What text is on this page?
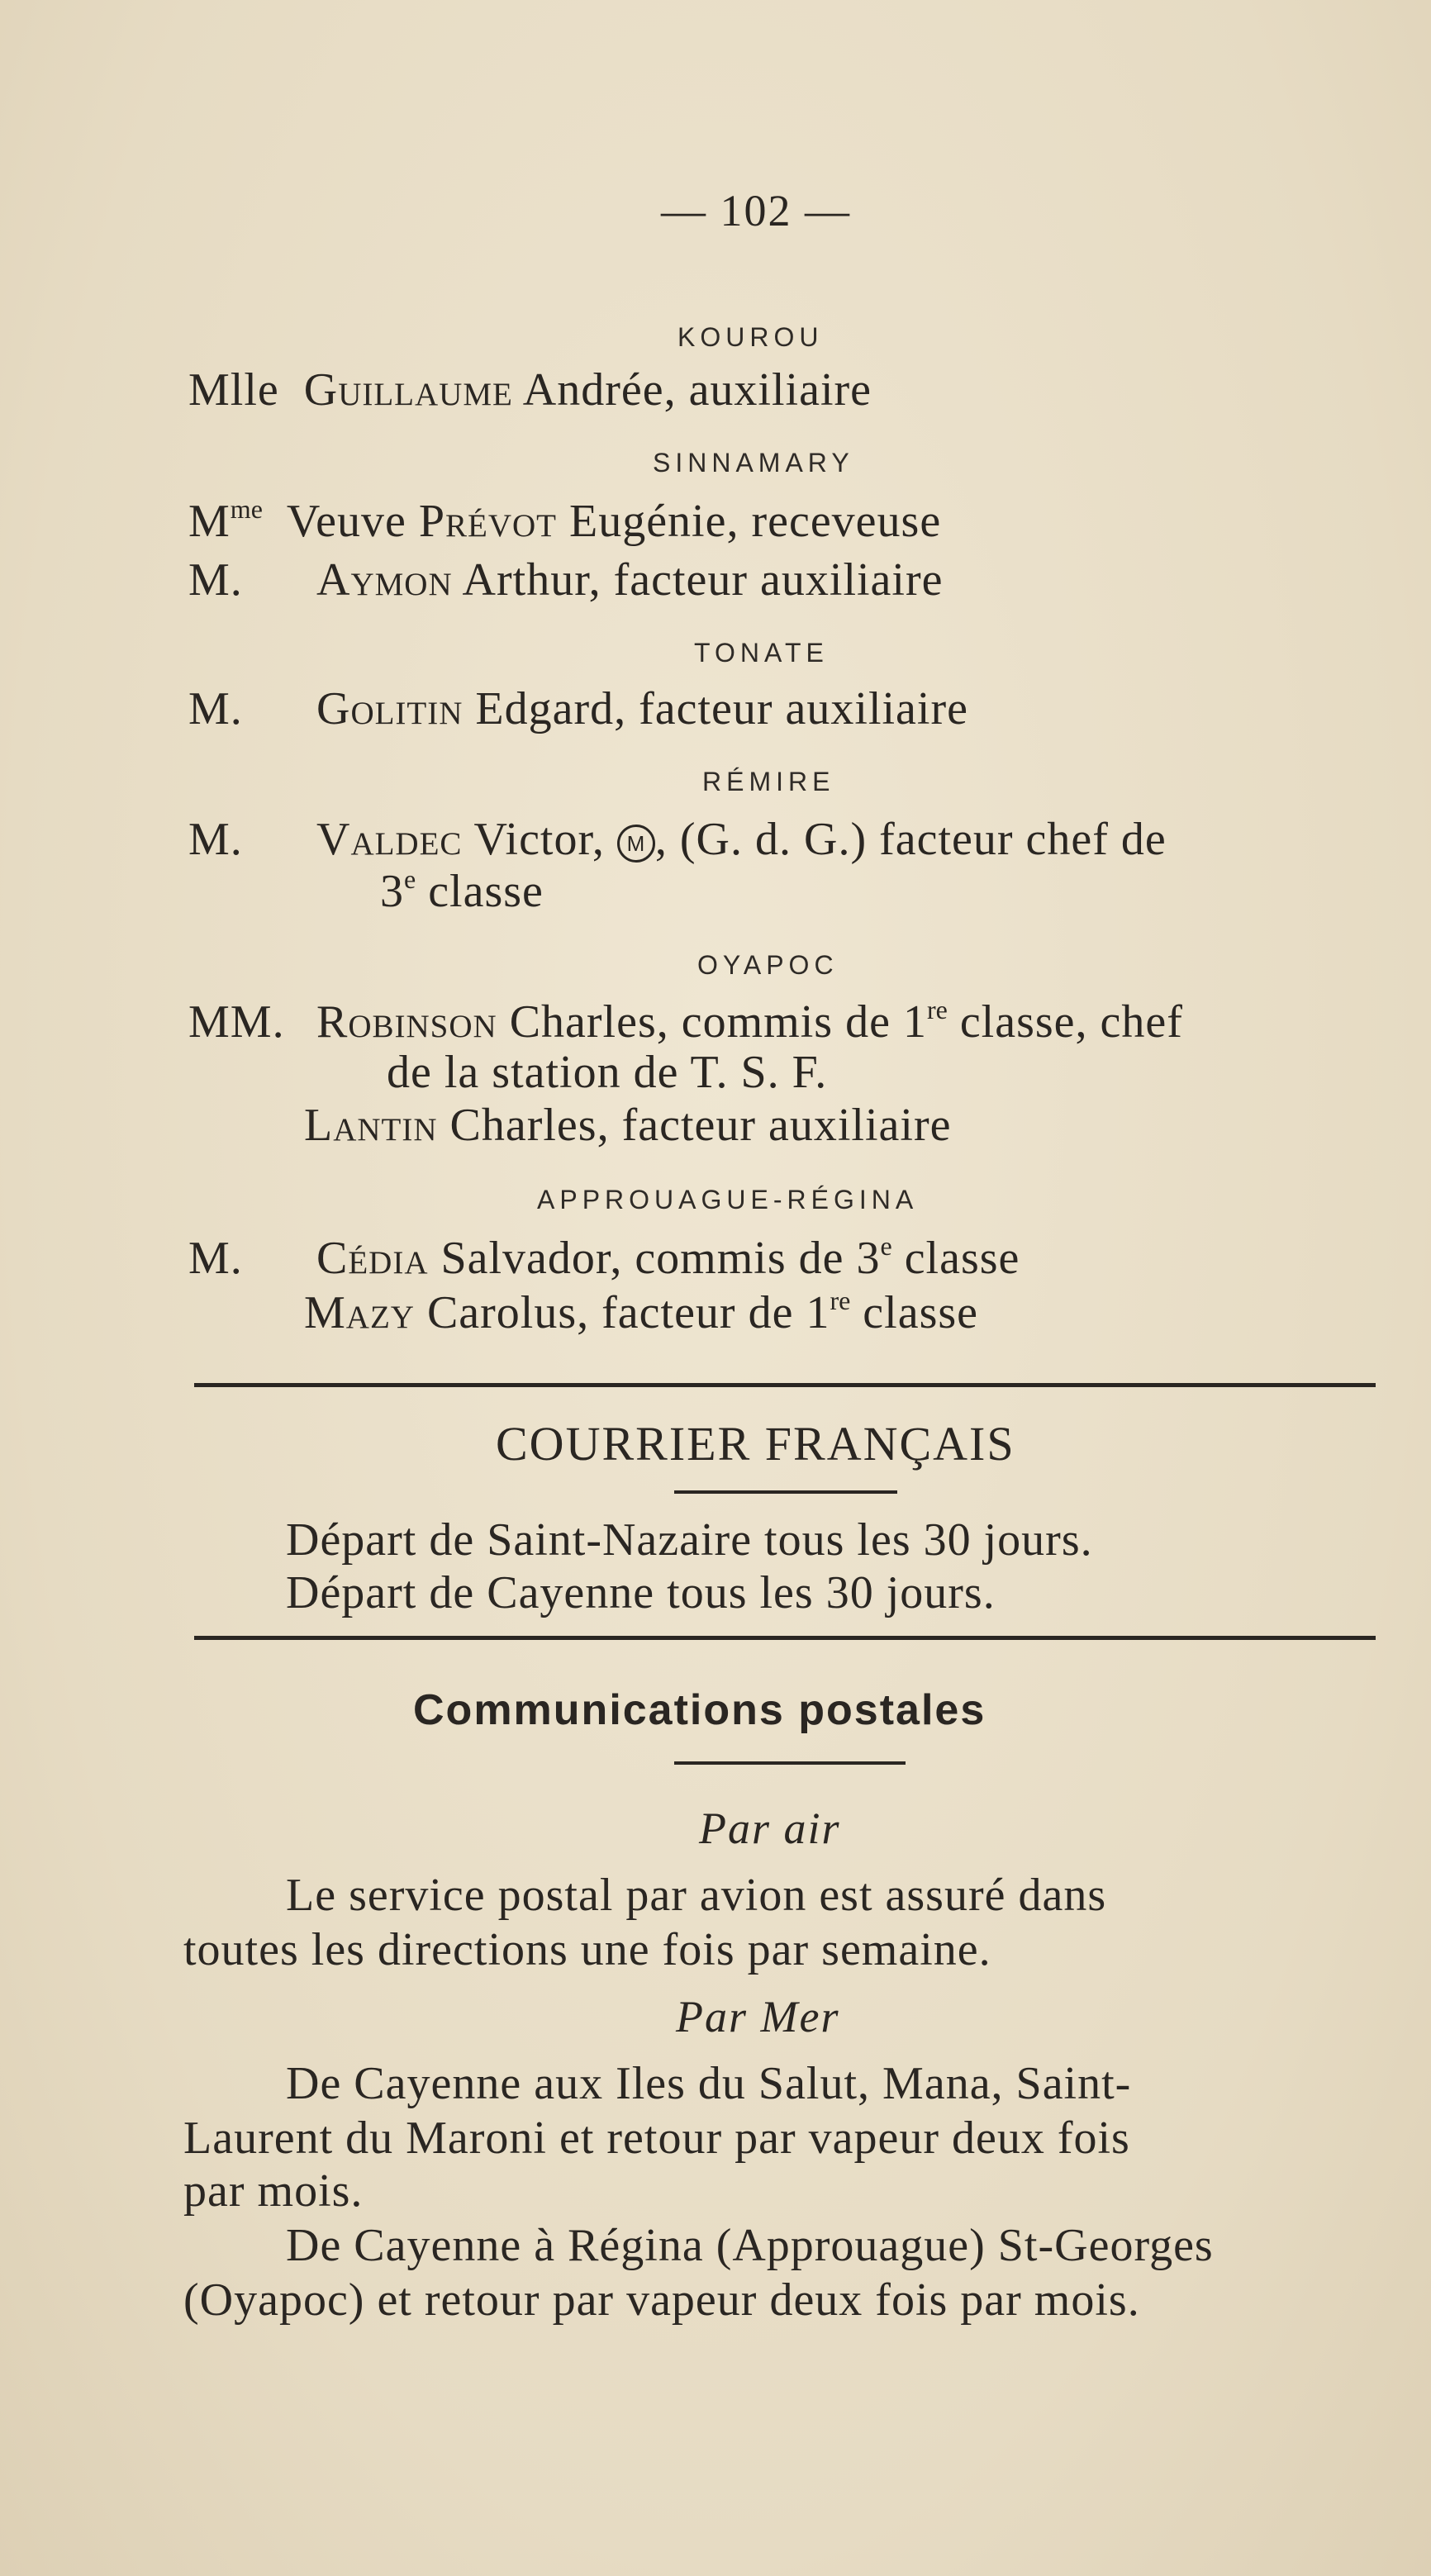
— 102 —
KOUROU
Mlle Guillaume Andrée, auxiliaire
SINNAMARY
$M^{me}$ Veuve Prévot Eugénie, receveuse
M. Aymon Arthur, facteur auxiliaire
TONATE
M. Golitin Edgard, facteur auxiliaire
RÉMIRE
M. Valdec Victor, M , (G. d. G.) facteur chef de
3e classe
OYAPOC
MM. Robinson Charles, commis de 1re classe, chef
de la station de T. S. F.
Lantin Charles, facteur auxiliaire
APPROUAGUE-RÉGINA
M. Cédia Salvador, commis de 3e classe
Mazy Carolus, facteur de 1re classe
COURRIER FRANÇAIS
Départ de Saint-Nazaire tous les 30 jours.
Départ de Cayenne tous les 30 jours.
Communications postales
Par air
Le service postal par avion est assuré dans
toutes les directions une fois par semaine.
Par Mer
De Cayenne aux Iles du Salut, Mana, Saint-
Laurent du Maroni et retour par vapeur deux fois
par mois.
De Cayenne à Régina (Approuague) St-Georges
(Oyapoc) et retour par vapeur deux fois par mois.
